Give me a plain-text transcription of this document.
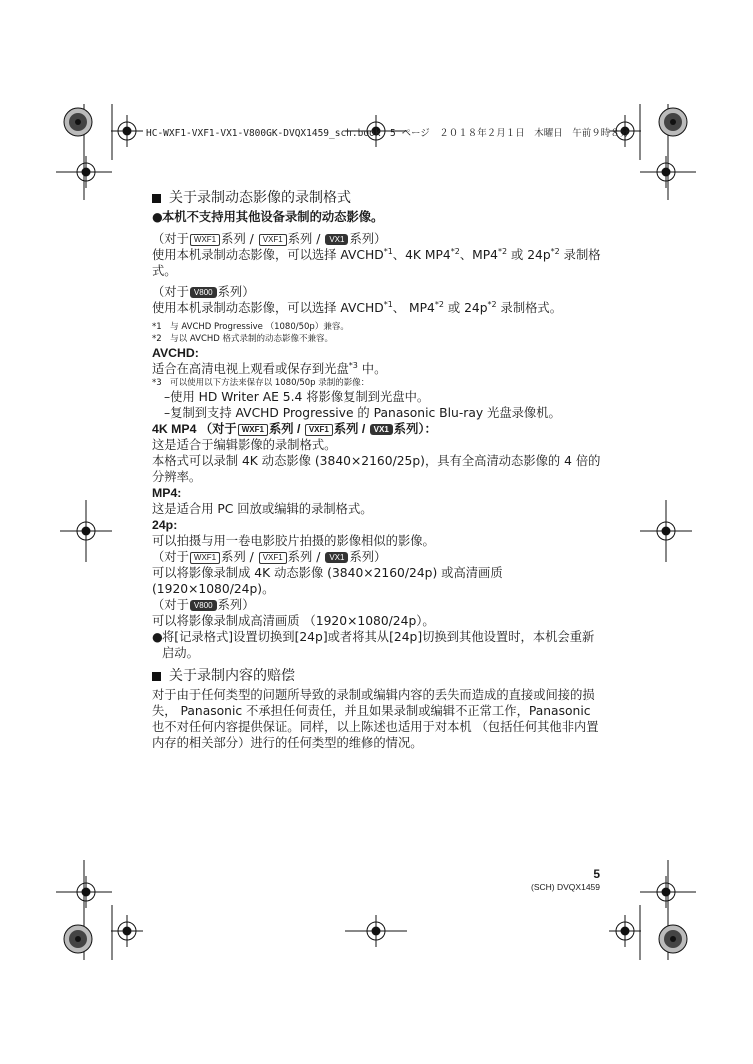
HC-WXF1-VXF1-VX1-V800GK-DVQX1459_sch.book　5 ページ　２０１８年２月１日　木曜日　午前９時８分
关于录制动态影像的录制格式
● 本机不支持用其他设备录制的动态影像。

（对于 WXF1 系列 / VXF1 系列 / VX1 系列）

使用本机录制动态影像，可以选择 AVCHD$^{*1}$、4K MP4$^{*2}$、MP4$^{*2}$ 或 $24p^{*2}$ 录制格式。

（对于 V800 系列）

使用本机录制动态影像，可以选择 AVCHD$^{*1}$、 MP4$^{*2}$ 或 $24p^{*2}$ 录制格式。

*1　与 AVCHD Progressive （1080/50p）兼容。

*2　与以 AVCHD 格式录制的动态影像不兼容。

AVCHD:

适合在高清电视上观看或保存到光盘$^{*3}$ 中。

*3　可以使用以下方法来保存以 1080/50p 录制的影像：

–使用 HD Writer AE 5.4 将影像复制到光盘中。

–复制到支持 AVCHD Progressive 的 Panasonic Blu-ray 光盘录像机。

4K MP4 （对于 WXF1 系列 / VXF1 系列 / VX1 系列）：

这是适合于编辑影像的录制格式。

本格式可以录制 4K 动态影像 (3840×2160/25p)，具有全高清动态影像的 4 倍的分辨率。

MP4:

这是适合用 PC 回放或编辑的录制格式。

24p:

可以拍摄与用一卷电影胶片拍摄的影像相似的影像。

（对于 WXF1 系列 / VXF1 系列 / VX1 系列）

可以将影像录制成 4K 动态影像 (3840×2160/24p) 或高清画质 (1920×1080/24p)。

（对于 V800 系列）

可以将影像录制成高清画质 （1920×1080/24p）。

● 将[记录格式]设置切换到[24p]或者将其从[24p]切换到其他设置时，本机会重新启动。
关于录制内容的赔偿

对于由于任何类型的问题所导致的录制或编辑内容的丢失而造成的直接或间接的损失， Panasonic 不承担任何责任，并且如果录制或编辑不正常工作，Panasonic 也不对任何内容提供保证。同样，以上陈述也适用于对本机 （包括任何其他非内置内存的相关部分）进行的任何类型的维修的情况。

5
(SCH) DVQX1459
